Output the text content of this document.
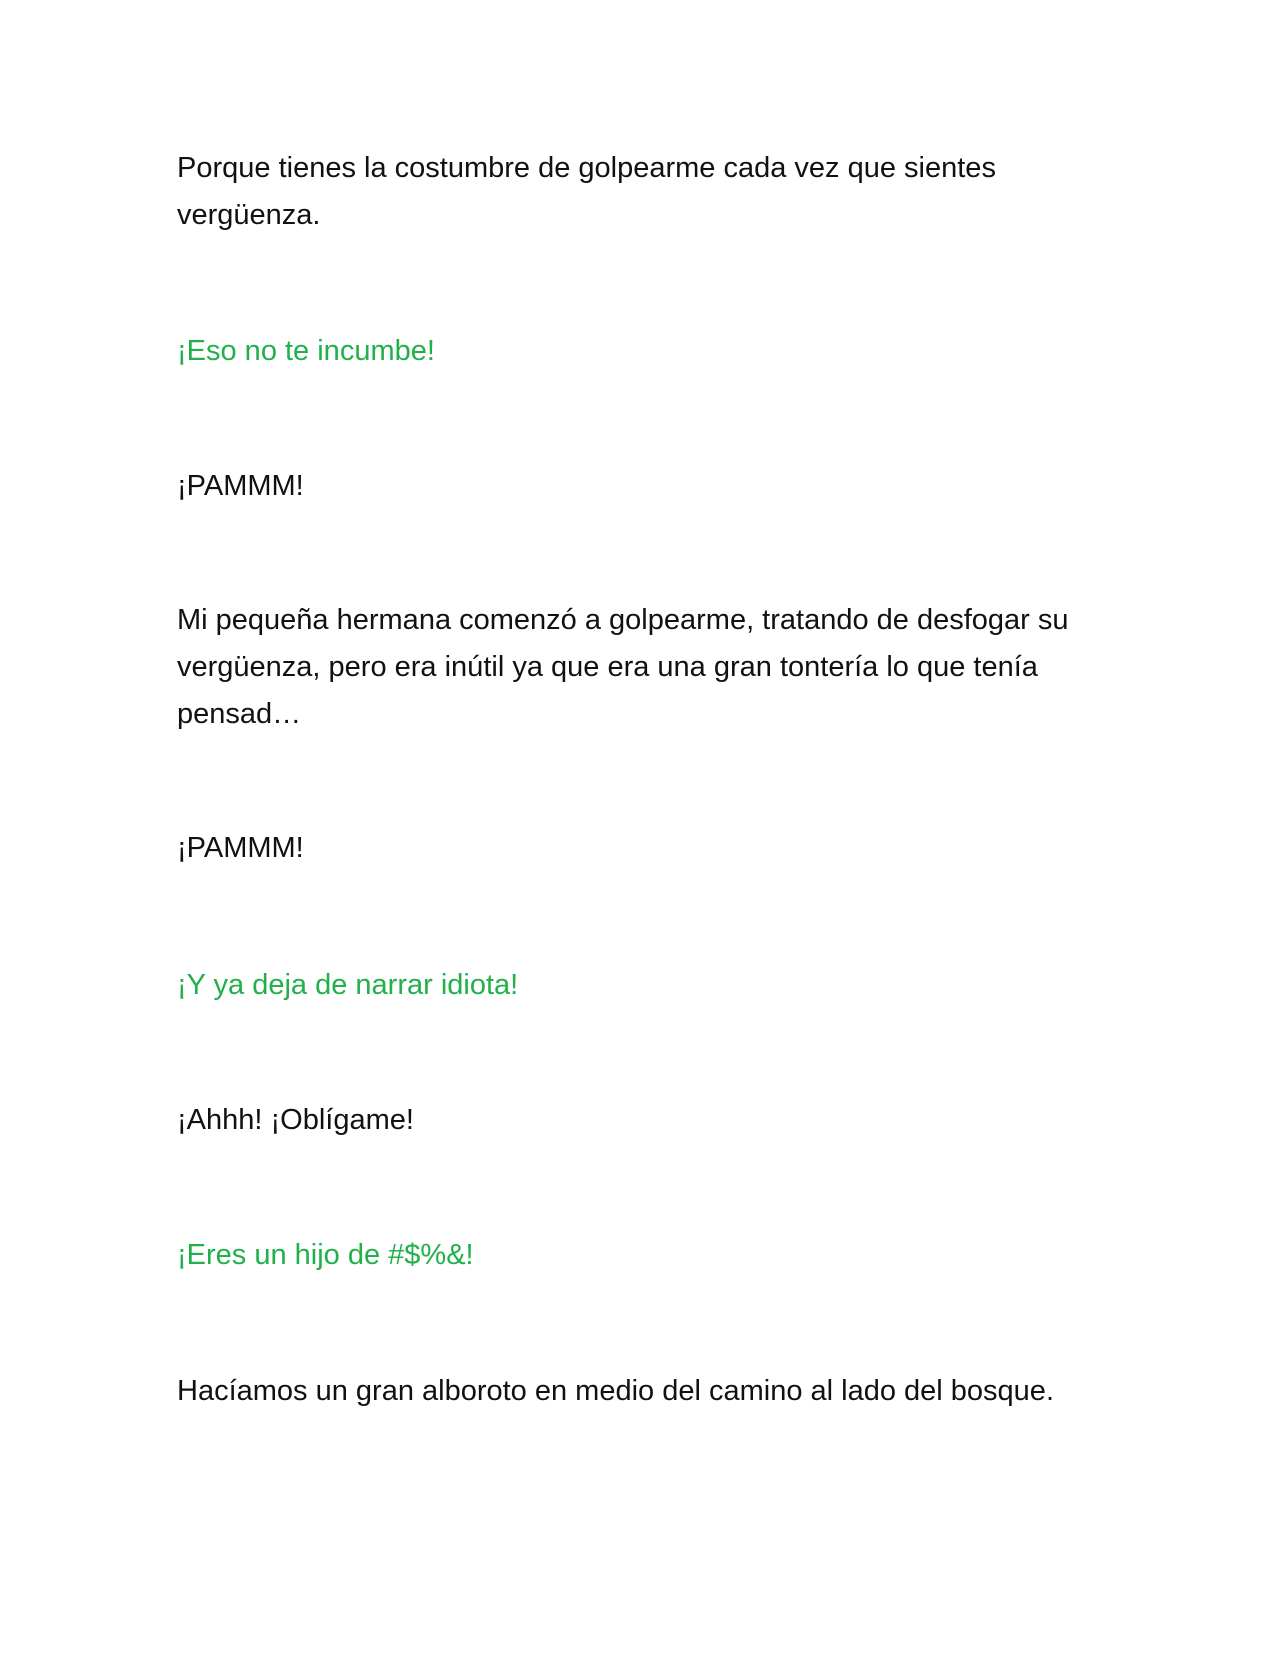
Porque tienes la costumbre de golpearme cada vez que sientes vergüenza.

¡Eso no te incumbe!

¡PAMMM!

Mi pequeña hermana comenzó a golpearme, tratando de desfogar su vergüenza, pero era inútil ya que era una gran tontería lo que tenía pensad…

¡PAMMM!

¡Y ya deja de narrar idiota!

¡Ahhh! ¡Oblígame!

¡Eres un hijo de #$%&!

Hacíamos un gran alboroto en medio del camino al lado del bosque.
